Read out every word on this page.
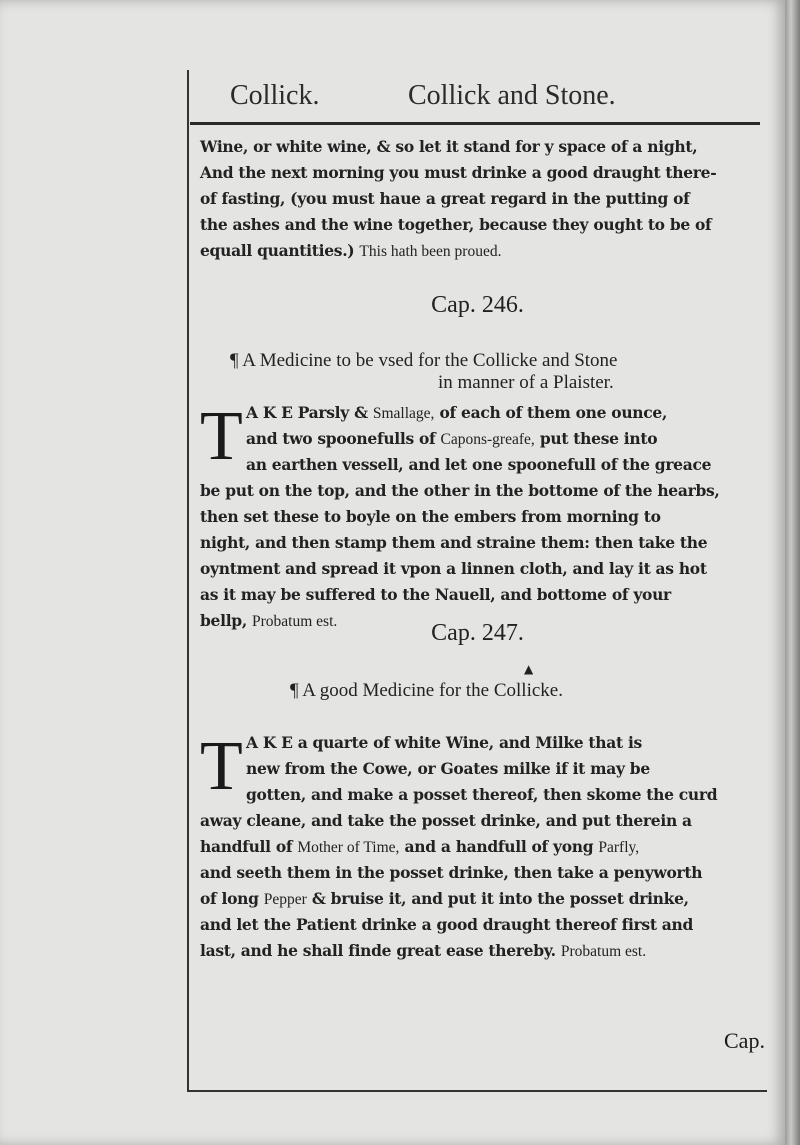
Collick.	Collick and Stone.
Wine, or white wine, & so let it stand for y space of a night,
And the next morning you must drinke a good draught there-
of fasting, (you must haue a great regard in the putting of
the ashes and the wine together, because they ought to be of
equall quantities.) This hath been proued.
Cap. 246.
¶ A Medicine to be vsed for the Collicke and Stone
in manner of a Plaister.
T A K E Parsly & Smallage, of each of them one ounce,
and two spoonefulls of Capons-greafe, put these into
an earthen vessell, and let one spoonefull of the greace
be put on the top, and the other in the bottome of the hearbs,
then set these to boyle on the embers from morning to
night, and then stamp them and straine them: then take the
oyntment and spread it vpon a linnen cloth, and lay it as hot
as it may be suffered to the Nauell, and bottome of your
bellp, Probatum est.	Cap. 247.
▲
¶ A good Medicine for the Collicke.
T A K E a quarte of white Wine, and Milke that is
new from the Cowe, or Goates milke if it may be
gotten, and make a posset thereof, then skome the curd
away cleane, and take the posset drinke, and put therein a
handfull of Mother of Time, and a handfull of yong Parfly,
and seeth them in the posset drinke, then take a penyworth
of long Pepper & bruise it, and put it into the posset drinke,
and let the Patient drinke a good draught thereof first and
last, and he shall finde great ease thereby. Probatum est.
Cap.
